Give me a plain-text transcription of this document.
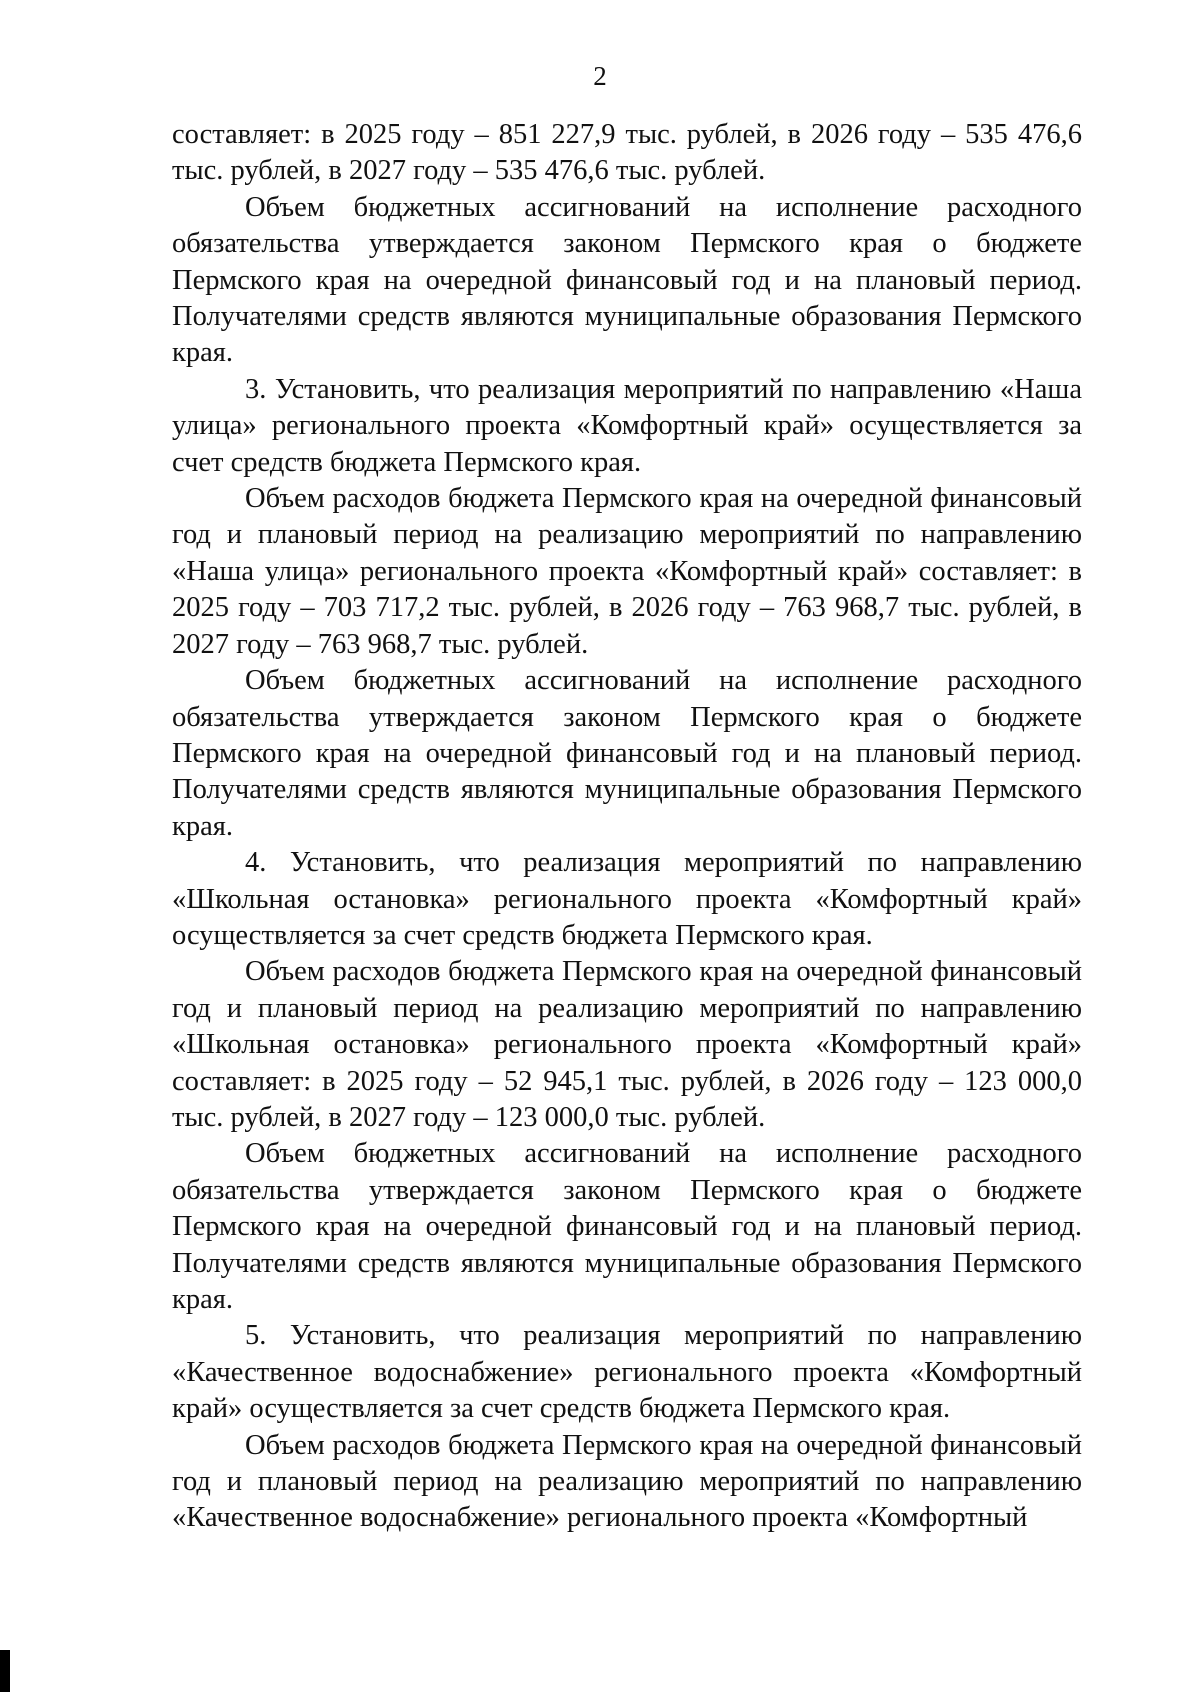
2

составляет: в 2025 году – 851 227,9 тыс. рублей, в 2026 году – 535 476,6 тыс. рублей, в 2027 году – 535 476,6 тыс. рублей.

Объем бюджетных ассигнований на исполнение расходного обязательства утверждается законом Пермского края о бюджете Пермского края на очередной финансовый год и на плановый период. Получателями средств являются муниципальные образования Пермского края.

3. Установить, что реализация мероприятий по направлению «Наша улица» регионального проекта «Комфортный край» осуществляется за счет средств бюджета Пермского края.

Объем расходов бюджета Пермского края на очередной финансовый год и плановый период на реализацию мероприятий по направлению «Наша улица» регионального проекта «Комфортный край» составляет: в 2025 году – 703 717,2 тыс. рублей, в 2026 году – 763 968,7 тыс. рублей, в 2027 году – 763 968,7 тыс. рублей.

Объем бюджетных ассигнований на исполнение расходного обязательства утверждается законом Пермского края о бюджете Пермского края на очередной финансовый год и на плановый период. Получателями средств являются муниципальные образования Пермского края.

4. Установить, что реализация мероприятий по направлению «Школьная остановка» регионального проекта «Комфортный край» осуществляется за счет средств бюджета Пермского края.

Объем расходов бюджета Пермского края на очередной финансовый год и плановый период на реализацию мероприятий по направлению «Школьная остановка» регионального проекта «Комфортный край» составляет: в 2025 году – 52 945,1 тыс. рублей, в 2026 году – 123 000,0 тыс. рублей, в 2027 году – 123 000,0 тыс. рублей.

Объем бюджетных ассигнований на исполнение расходного обязательства утверждается законом Пермского края о бюджете Пермского края на очередной финансовый год и на плановый период. Получателями средств являются муниципальные образования Пермского края.

5. Установить, что реализация мероприятий по направлению «Качественное водоснабжение» регионального проекта «Комфортный край» осуществляется за счет средств бюджета Пермского края.

Объем расходов бюджета Пермского края на очередной финансовый год и плановый период на реализацию мероприятий по направлению «Качественное водоснабжение» регионального проекта «Комфортный
